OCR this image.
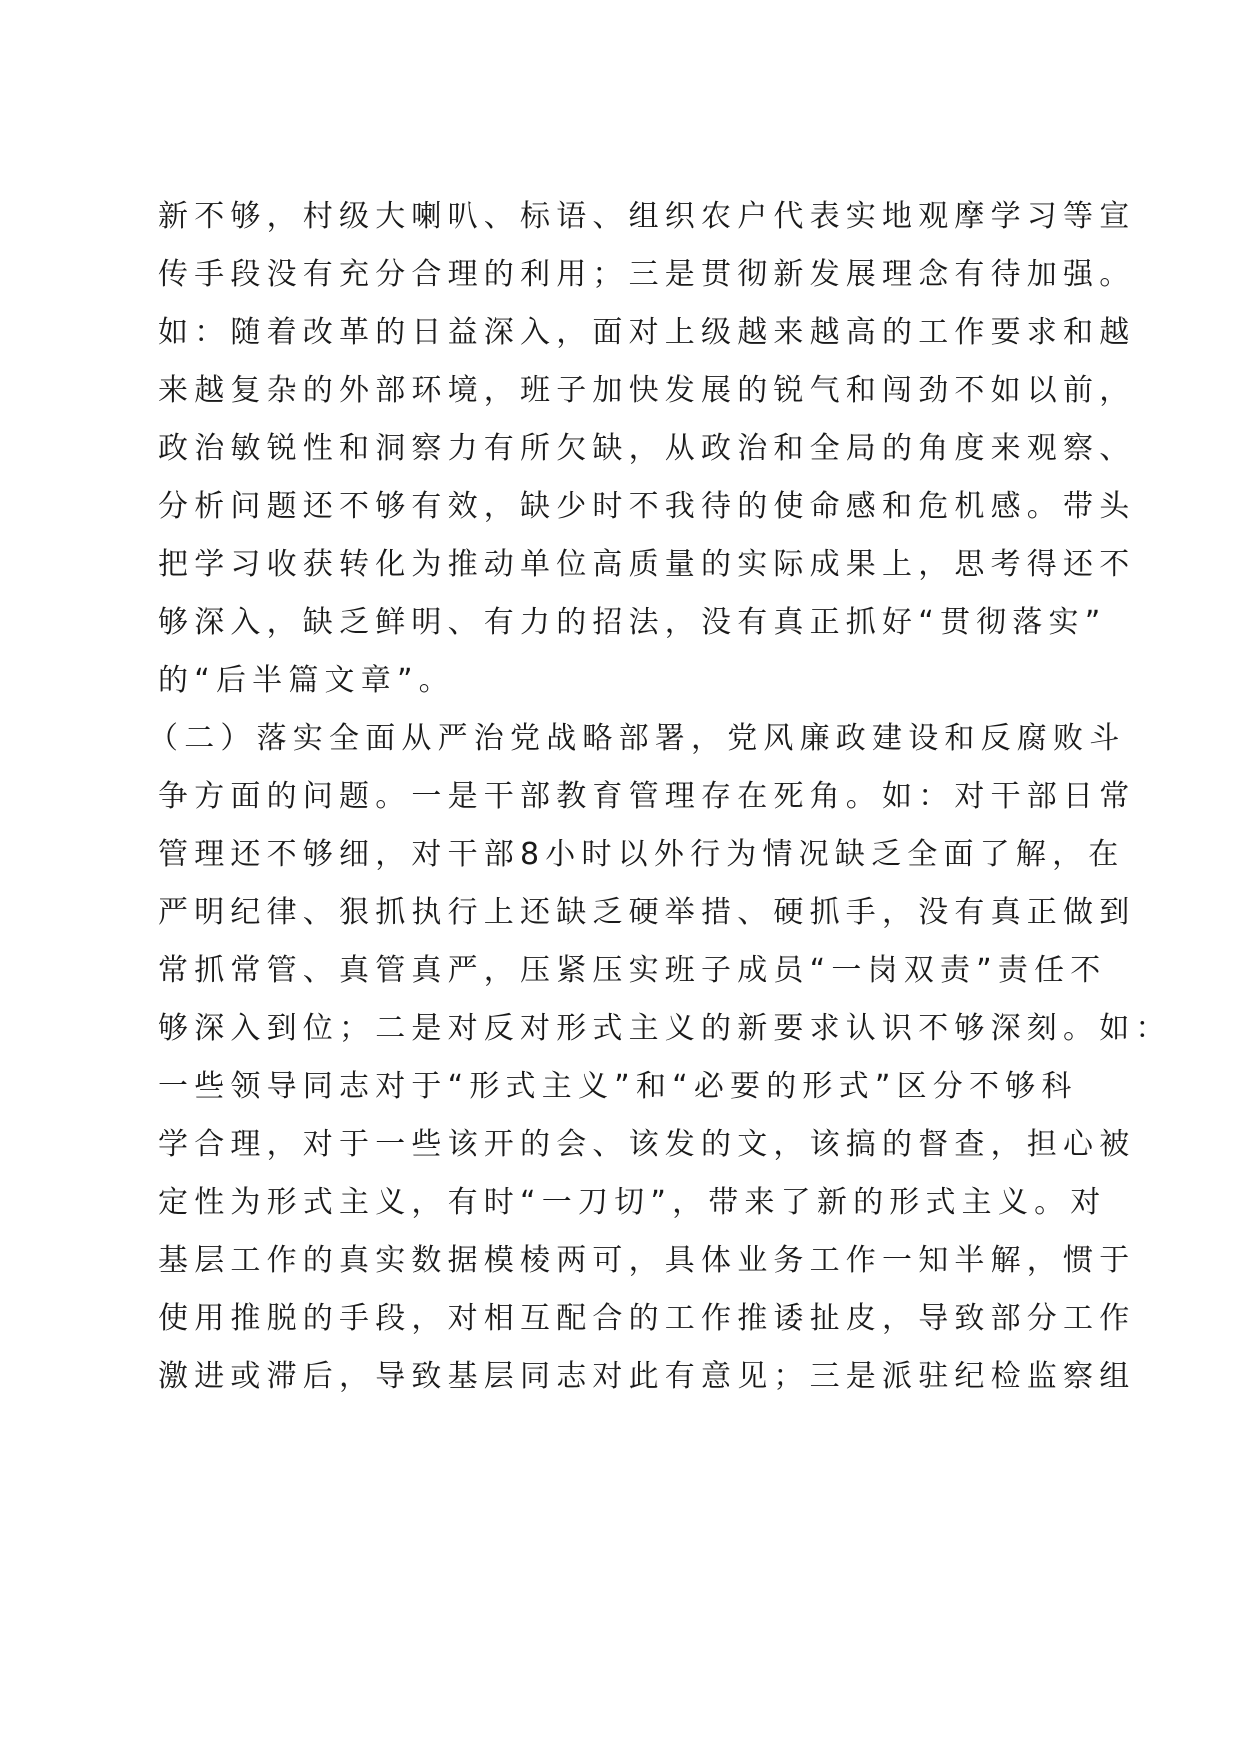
新不够，村级大喇叭、标语、组织农户代表实地观摩学习等宣
传手段没有充分合理的利用；三是贯彻新发展理念有待加强。
如：随着改革的日益深入，面对上级越来越高的工作要求和越
来越复杂的外部环境，班子加快发展的锐气和闯劲不如以前，
政治敏锐性和洞察力有所欠缺，从政治和全局的角度来观察、
分析问题还不够有效，缺少时不我待的使命感和危机感。带头
把学习收获转化为推动单位高质量的实际成果上，思考得还不
够深入，缺乏鲜明、有力的招法，没有真正抓好“贯彻落实”
的“后半篇文章”。
（二）落实全面从严治党战略部署，党风廉政建设和反腐败斗
争方面的问题。一是干部教育管理存在死角。如：对干部日常
管理还不够细，对干部8小时以外行为情况缺乏全面了解，在
严明纪律、狠抓执行上还缺乏硬举措、硬抓手，没有真正做到
常抓常管、真管真严，压紧压实班子成员“一岗双责”责任不
够深入到位；二是对反对形式主义的新要求认识不够深刻。如：
一些领导同志对于“形式主义”和“必要的形式”区分不够科
学合理，对于一些该开的会、该发的文，该搞的督查，担心被
定性为形式主义，有时“一刀切”，带来了新的形式主义。对
基层工作的真实数据模棱两可，具体业务工作一知半解，惯于
使用推脱的手段，对相互配合的工作推诿扯皮，导致部分工作
激进或滞后，导致基层同志对此有意见；三是派驻纪检监察组
